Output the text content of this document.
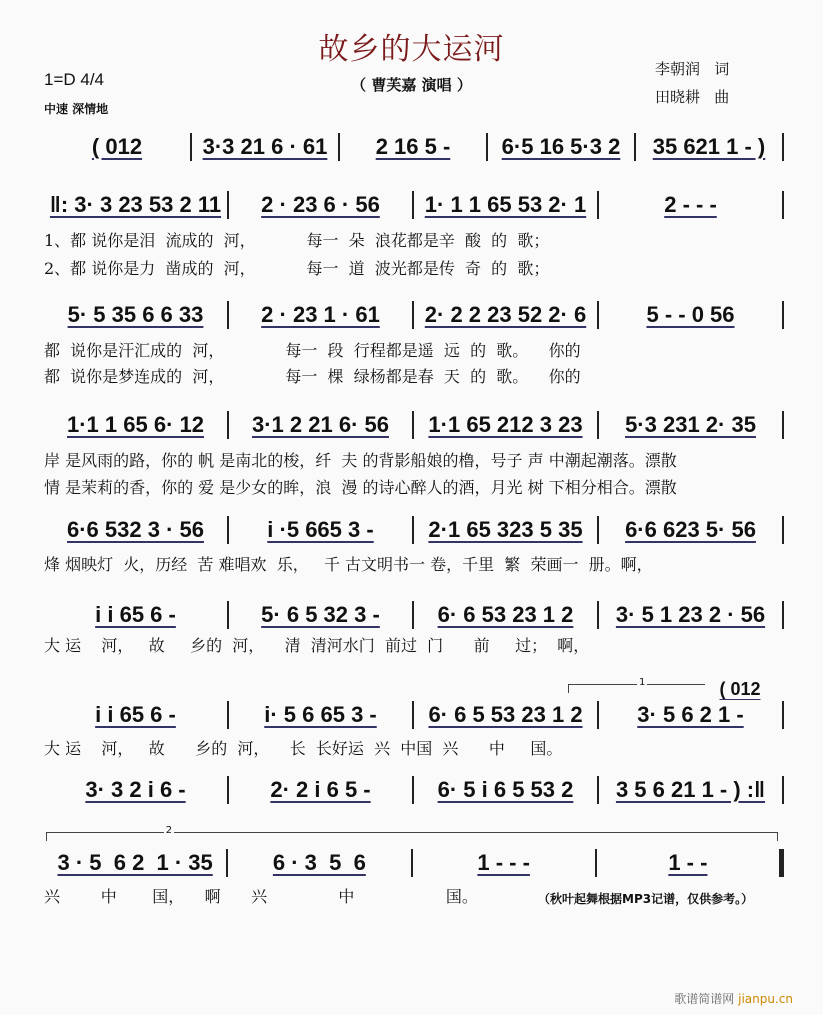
故乡的大运河
（ 曹芙嘉 演唱 ）
1=D 4/4
中速 深情地
李朝润   词
田晓耕   曲
( 012	3·3 21 6 · 61	2 16 5 -	6·5 16 5·3 2	35 621 1 - )
‖: 3· 3 23 53 2 11	2 · 23 6 · 56	1· 1 1 65 53 2· 1	2 - - -
1、都 说你是泪  流成的  河，          每一  朵  浪花都是辛  酸  的  歌；
2、都 说你是力  凿成的  河，          每一  道  波光都是传  奇  的  歌；
5· 5 35 6 6 33	2 · 23 1 · 61	2· 2 2 23 52 2· 6	5 - - 0 56
都  说你是汗汇成的  河，            每一  段  行程都是遥  远  的  歌。    你的
都  说你是梦连成的  河，            每一  棵  绿杨都是春  天  的  歌。    你的
1·1 1 65 6· 12	3·1 2 21 6· 56	1·1 65 212 3 23	5·3 231 2· 35
岸 是风雨的路，你的 帆 是南北的梭，纤  夫 的背影船娘的橹，号子 声 中潮起潮落。漂散
情 是茉莉的香，你的 爱 是少女的眸，浪  漫 的诗心醉人的酒，月光 树 下相分相合。漂散
6·6 532 3 · 56	i ·5 665 3 -	2·1 65 323 5 35	6·6 623 5· 56
烽 烟映灯  火，历经  苦 难唱欢  乐，   千 古文明书一 卷，千里  繁  荣画一  册。啊，
i i 65 6 -	5· 6 5 32 3 -	6· 6 53 23 1 2	3· 5 1 23 2 · 56
大 运    河，   故     乡的  河，    清  清河水门  前过  门      前     过；  啊，
i i 65 6 -	i· 5 6 65 3 -	6· 6 5 53 23 1 2	3· 5 6 2 1 -
大 运    河，   故      乡的  河，    长  长好运  兴  中国  兴      中     国。
3· 3 2 i 6 -	2· 2 i 6 5 -	6· 5 i 6 5 53 2	3 5 6 21 1 - ) :‖
3 · 5  6 2  1 · 35	6 · 3  5  6	1 - - -	1 - -
兴        中       国，    啊      兴              中                  国。
1	( 012
2
（秋叶起舞根据MP3记谱，仅供参考。）
歌谱简谱网 jianpu.cn
